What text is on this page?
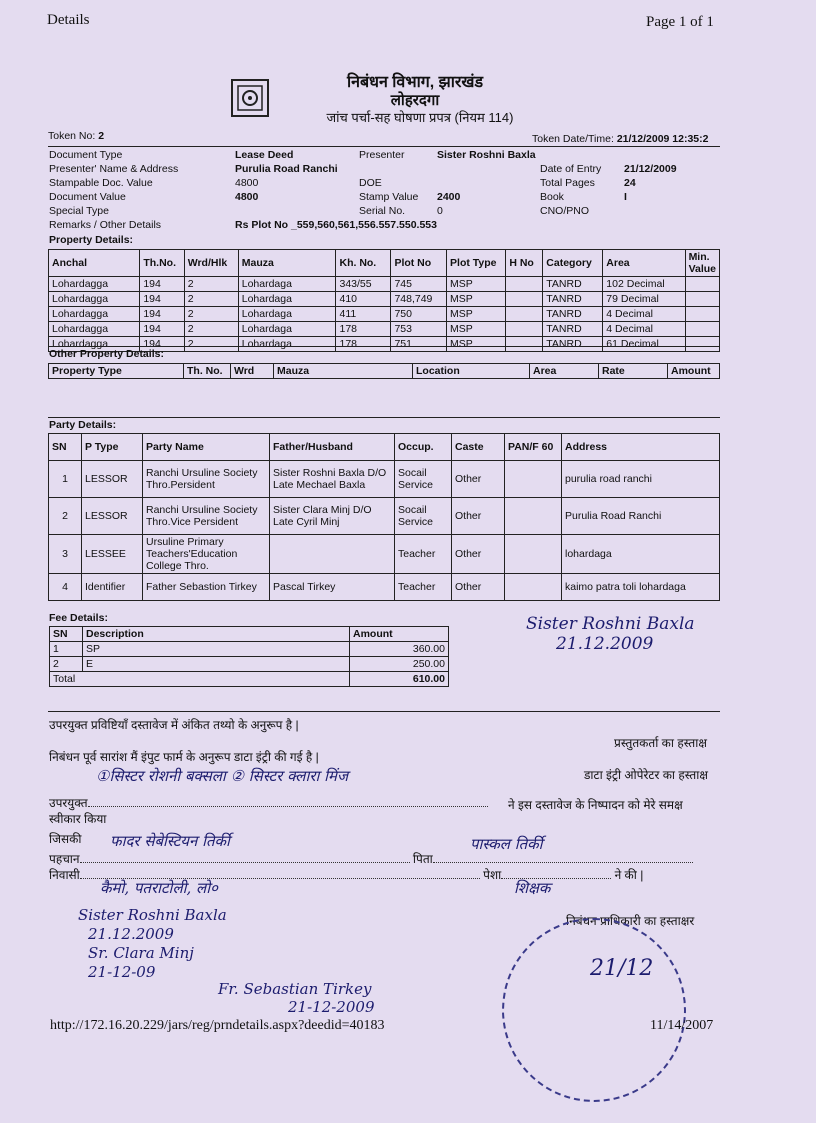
Details	Page 1 of 1
निबंधन विभाग, झारखंड
लोहरदगा
जांच पर्चा-सह घोषणा प्रपत्र (नियम 114)
Token No: 2	Token Date/Time: 21/12/2009 12:35:2
Document Type	Lease Deed	Presenter	Sister Roshni Baxla
Presenter' Name & Address	Purulia Road Ranchi	Date of Entry 21/12/2009
Stampable Doc. Value	4800	DOE	Total Pages	24
Document Value	4800	Stamp Value 2400	Book	I
Special Type	Serial No.	0	CNO/PNO
Remarks / Other Details	Rs Plot No _559,560,561,556.557.550.553
Property Details:
Anchal	Th.No.	Wrd/Hlk	Mauza	Kh. No.	Plot No	Plot Type	H No	Category	Area	Min. Value
Lohardagga	194	2	Lohardaga	343/55	745	MSP		TANRD	102 Decimal	
Lohardagga	194	2	Lohardaga	410	748,749	MSP		TANRD	79 Decimal	
Lohardagga	194	2	Lohardaga	411	750	MSP		TANRD	4 Decimal	
Lohardagga	194	2	Lohardaga	178	753	MSP		TANRD	4 Decimal	
Lohardagga	194	2	Lohardaga	178	751	MSP		TANRD	61 Decimal	
Other Property Details:
Property Type	Th. No.	Wrd	Mauza	Location	Area	Rate	Amount
Party Details:
SN	P Type	Party Name	Father/Husband	Occup.	Caste	PAN/F 60	Address
1	LESSOR	Ranchi Ursuline Society Thro.Persident	Sister Roshni Baxla D/O Late Mechael Baxla	Socail Service	Other		purulia road ranchi
2	LESSOR	Ranchi Ursuline Society Thro.Vice Persident	Sister Clara Minj D/O Late Cyril Minj	Socail Service	Other		Purulia Road Ranchi
3	LESSEE	Ursuline Primary Teachers'Education College Thro.		Teacher	Other		lohardaga
4	Identifier	Father Sebastion Tirkey	Pascal Tirkey	Teacher	Other		kaimo patra toli lohardaga
Fee Details:
SN	Description	Amount
1	SP	360.00
2	E	250.00
Total		610.00
Sister Roshni Baxla
21.12.2009
उपरयुक्त प्रविष्टियाँ दस्तावेज में अंकित तथ्यो के अनुरूप है |
प्रस्तुतकर्ता का हस्ताक्ष
निबंधन पूर्व सारांश मैं इंपुट फार्म के अनुरूप डाटा इंट्री की गई है |
डाटा इंट्री ओपेरेटर का हस्ताक्ष
①सिस्टर रोशनी बक्सला ② सिस्टर क्लारा मिंज
उपरयुक्त	ने इस दस्तावेज के निष्पादन को मेरे समक्ष
स्वीकार किया
जिसकी
पहचान	पिता
फादर सेबेस्टियन तिर्की	पास्कल तिर्की
निवासी	पेशा	ने की |
कैमो, पतराटोली, लो०	शिक्षक
निबंधन प्राधिकारी का हस्ताक्षर
Sister Roshni Baxla
21.12.2009
Sr. Clara Minj
21-12-09
Fr. Sebastian Tirkey
21-12-2009
21/12
http://172.16.20.229/jars/reg/prndetails.aspx?deedid=40183	11/14/2007
